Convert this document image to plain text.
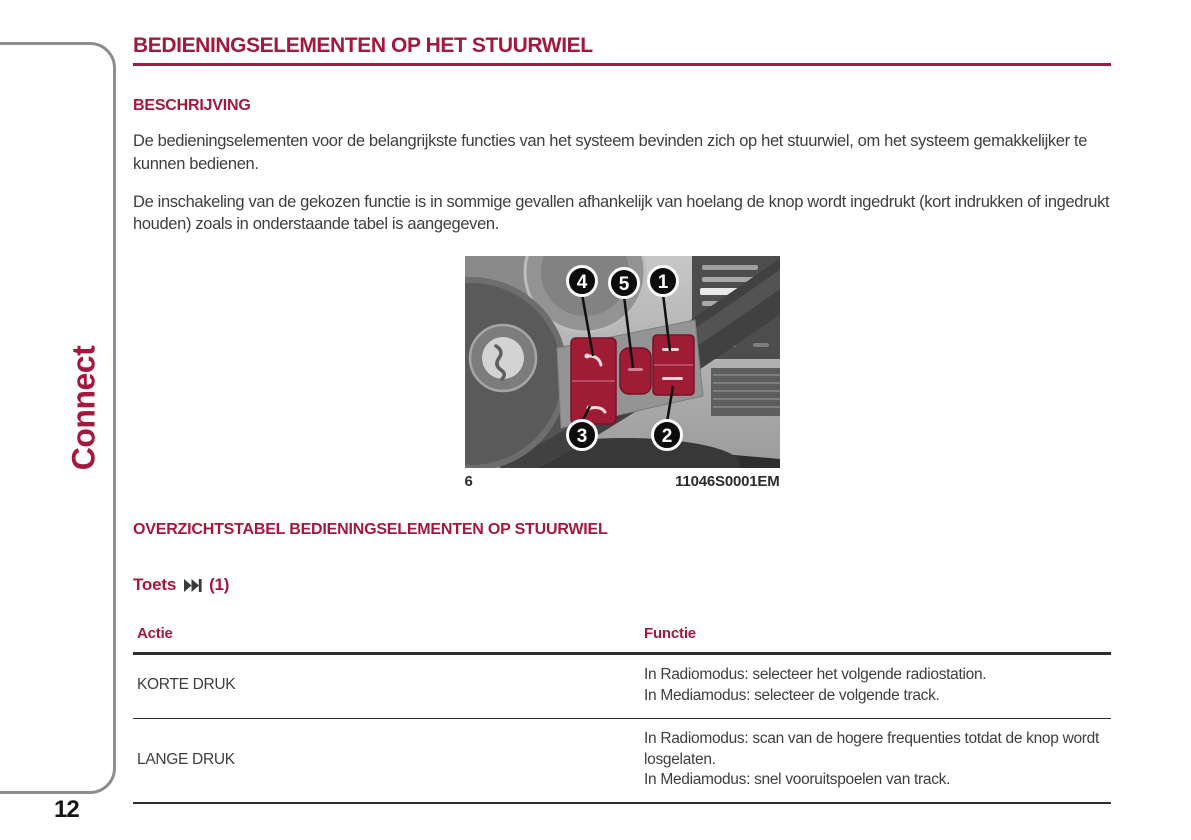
Connect
12
BEDIENINGSELEMENTEN OP HET STUURWIEL
BESCHRIJVING

De bedieningselementen voor de belangrijkste functies van het systeem bevinden zich op het stuurwiel, om het systeem gemakkelijker te kunnen bedienen.

De inschakeling van de gekozen functie is in sommige gevallen afhankelijk van hoelang de knop wordt ingedrukt (kort indrukken of ingedrukt houden) zoals in onderstaande tabel is aangegeven.

4 5 1
3	2
6	11046S0001EM
OVERZICHTSTABEL BEDIENINGSELEMENTEN OP STUURWIEL
Toets (1)
Actie	Functie
KORTE DRUK	In Radiomodus: selecteer het volgende radiostation.
In Mediamodus: selecteer de volgende track.

LANGE DRUK	In Radiomodus: scan van de hogere frequenties totdat de knop wordt losgelaten.
In Mediamodus: snel vooruitspoelen van track.
